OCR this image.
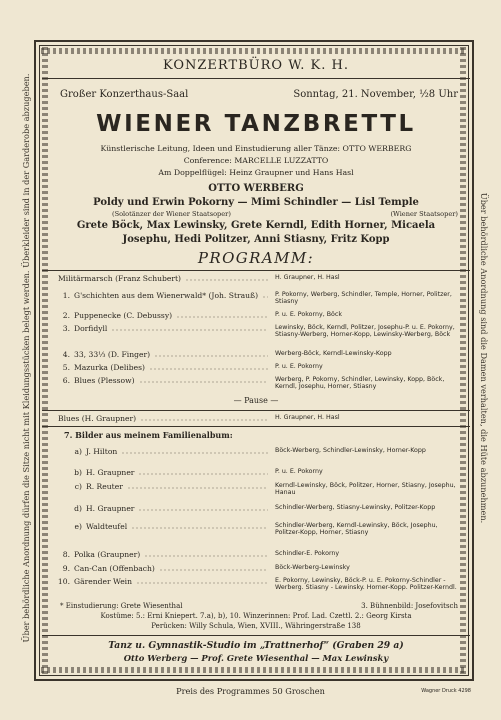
KONZERTBÜRO W. K. H.
Großer Konzerthaus-Saal	Sonntag, 21. November, ½8 Uhr
WIENER TANZBRETTL
Künstlerische Leitung, Ideen und Einstudierung aller Tänze: OTTO WERBERG
Conference: MARCELLE LUZZATTO
Am Doppelflügel: Heinz Graupner und Hans Hasl
OTTO WERBERG
Poldy und Erwin Pokorny — Mimi Schindler — Lisl Temple
(Solotänzer der Wiener Staatsoper)	(Wiener Staatsoper)
Grete Böck, Max Lewinsky, Grete Kerndl, Edith Horner, Micaela
Josephu, Hedi Politzer, Anni Stiasny, Fritz Kopp
PROGRAMM:
Militärmarsch (Franz Schubert)	H. Graupner, H. Hasl
1. G'schichten aus dem Wienerwald* (Joh. Strauß)	P. Pokorny, Werberg, Schindler, Temple, Horner, Politzer, Stiasny
2. Puppenecke (C. Debussy)	P. u. E. Pokorny, Böck
3. Dorfidyll	Lewinsky, Böck, Kerndl, Politzer, Josephu-P. u. E. Pokorny, Stiasny-Werberg, Horner-Kopp, Lewinsky-Werberg, Böck
4. 33, 33⅓ (D. Finger)	Werberg-Böck, Kerndl-Lewinsky-Kopp
5. Mazurka (Delibes)	P. u. E. Pokorny
6. Blues (Plessow)	Werberg, P. Pokorny, Schindler, Lewinsky, Kopp, Böck, Kerndl, Josephu, Horner, Stiasny
— Pause —
Blues (H. Graupner)	H. Graupner, H. Hasl
7. Bilder aus meinem Familienalbum:
a) J. Hilton	Böck-Werberg, Schindler-Lewinsky, Horner-Kopp
b) H. Graupner	P. u. E. Pokorny
c) R. Reuter	Kerndl-Lewinsky, Böck, Politzer, Horner, Stiasny, Josephu, Hanau
d) H. Graupner	Schindler-Werberg, Stiasny-Lewinsky, Politzer-Kopp
e) Waldteufel	Schindler-Werberg, Kerndl-Lewinsky, Böck, Josephu, Politzer-Kopp, Horner, Stiasny
8. Polka (Graupner)	Schindler-E. Pokorny
9. Can-Can (Offenbach)	Böck-Werberg-Lewinsky
10. Gärender Wein	E. Pokorny, Lewinsky, Böck-P. u. E. Pokorny-Schindler - Werberg. Stiasny - Lewinsky. Horner-Kopp. Politzer-Kerndl.
* Einstudierung: Grete Wiesenthal	3. Bühnenbild: Josefovitsch
Kostüme: 5.: Erni Kniepert. 7.a), b), 10. Winzerinnen: Prof. Lad. Czettl. 2.: Georg Kirsta
Perücken: Willy Schula, Wien, XVIII., Währingerstraße 138
Tanz u. Gymnastik-Studio im „Trattnerhof“ (Graben 29 a)
Otto Werberg — Prof. Grete Wiesenthal — Max Lewinsky
Über behördliche Anordnung dürfen die Sitze nicht mit Kleidungsstücken belegt werden. Überkleider sind in der Garderobe abzugeben.	Über behördliche Anordnung sind die Damen verhalten, die Hüte abzunehmen.
Preis des Programmes 50 Groschen	Wagner Druck 4298
